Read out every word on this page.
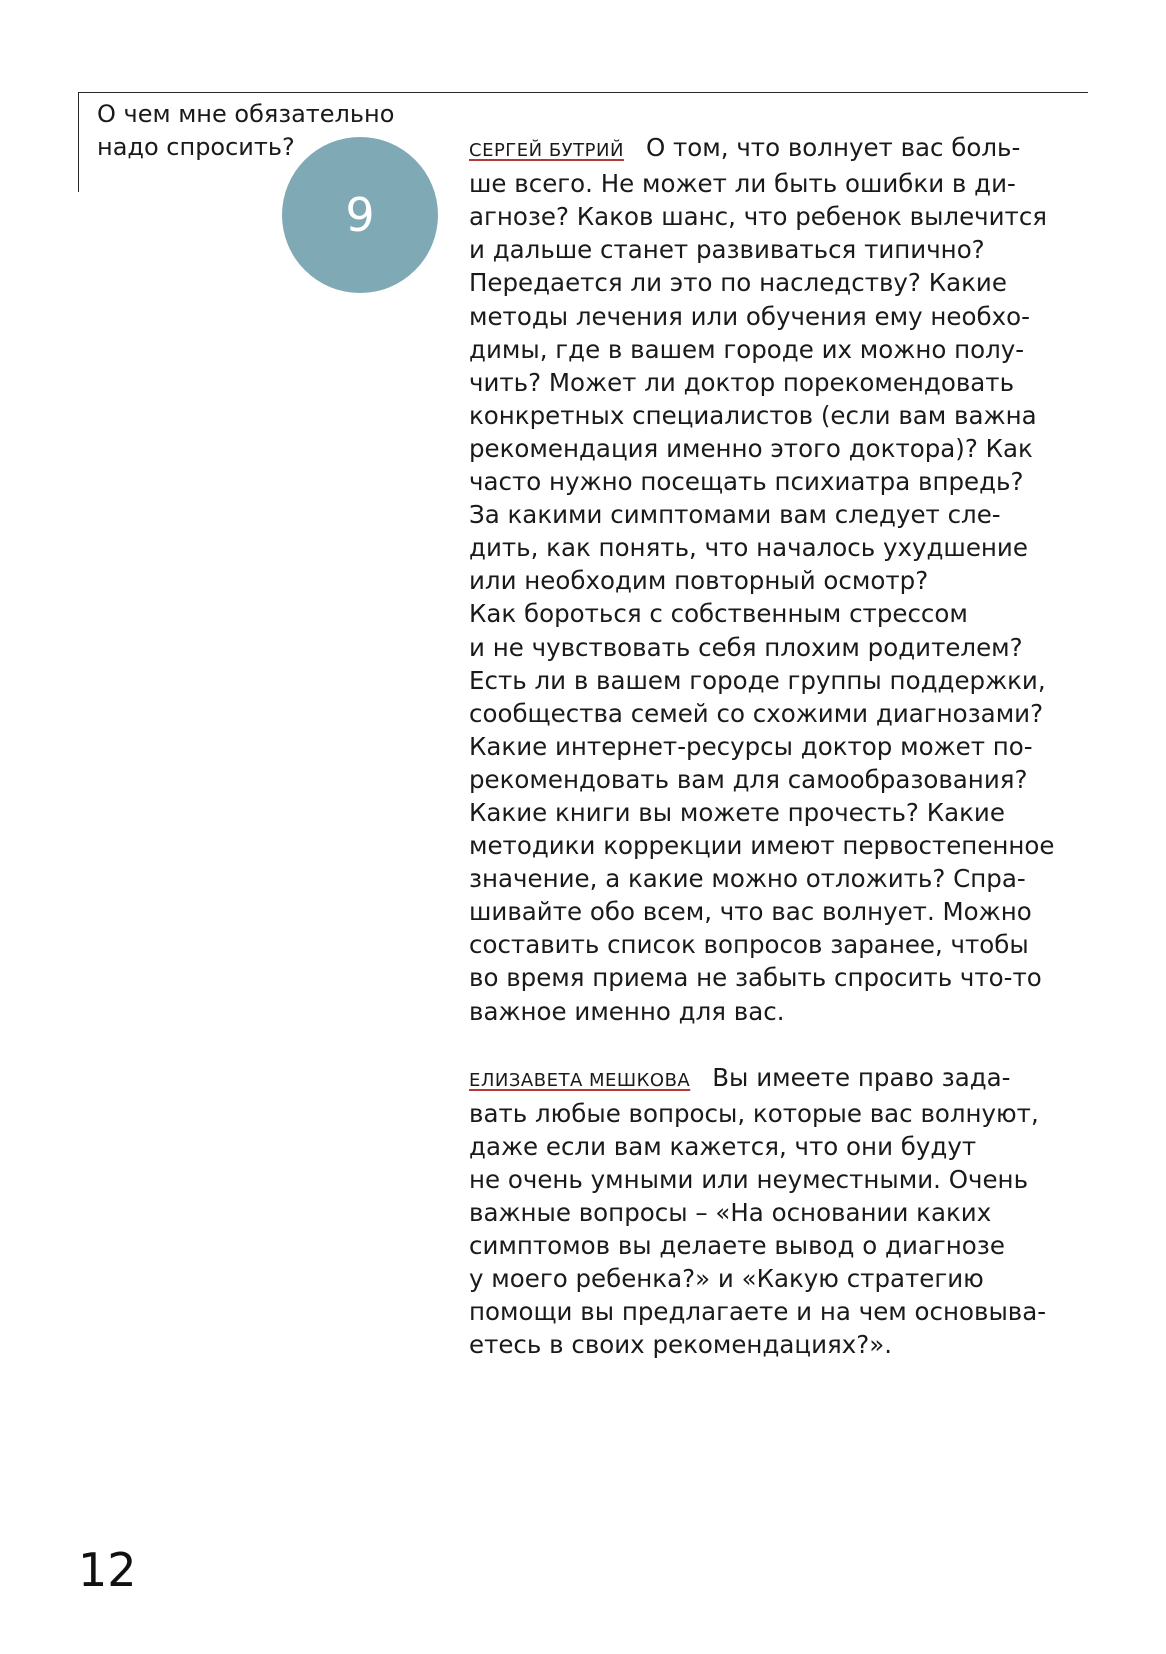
О чем мне обязательно надо спросить?
9

СЕРГЕЙ БУТРИЙ О том, что волнует вас боль-
ше всего. Не может ли быть ошибки в ди-
агнозе? Каков шанс, что ребенок вылечится
и дальше станет развиваться типично?
Передается ли это по наследству? Какие
методы лечения или обучения ему необхо-
димы, где в вашем городе их можно полу-
чить? Может ли доктор порекомендовать
конкретных специалистов (если вам важна
рекомендация именно этого доктора)? Как
часто нужно посещать психиатра впредь?
За какими симптомами вам следует сле-
дить, как понять, что началось ухудшение
или необходим повторный осмотр?
Как бороться с собственным стрессом
и не чувствовать себя плохим родителем?
Есть ли в вашем городе группы поддержки,
сообщества семей со схожими диагнозами?
Какие интернет-ресурсы доктор может по-
рекомендовать вам для самообразования?
Какие книги вы можете прочесть? Какие
методики коррекции имеют первостепенное
значение, а какие можно отложить? Спра-
шивайте обо всем, что вас волнует. Можно
составить список вопросов заранее, чтобы
во время приема не забыть спросить что-то
важное именно для вас.

ЕЛИЗАВЕТА МЕШКОВА Вы имеете право зада-
вать любые вопросы, которые вас волнуют,
даже если вам кажется, что они будут
не очень умными или неуместными. Очень
важные вопросы – «На основании каких
симптомов вы делаете вывод о диагнозе
у моего ребенка?» и «Какую стратегию
помощи вы предлагаете и на чем основыва-
етесь в своих рекомендациях?».

12
